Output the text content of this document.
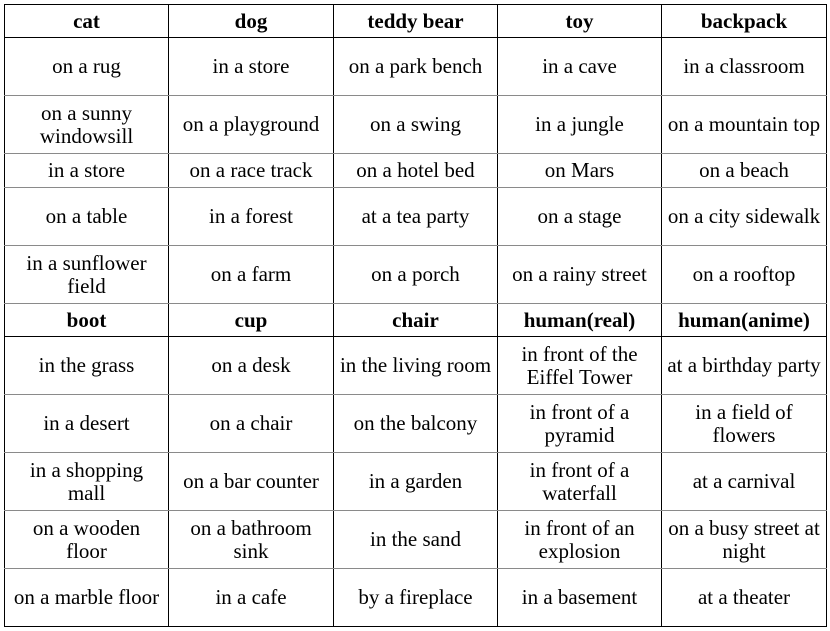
cat	dog	teddy bear	toy	backpack
on a rug	in a store	on a park bench	in a cave	in a classroom
on a sunny windowsill	on a playground	on a swing	in a jungle	on a mountain top
in a store	on a race track	on a hotel bed	on Mars	on a beach
on a table	in a forest	at a tea party	on a stage	on a city sidewalk
in a sunflower field	on a farm	on a porch	on a rainy street	on a rooftop
boot	cup	chair	human(real)	human(anime)
in the grass	on a desk	in the living room	in front of the Eiffel Tower	at a birthday party
in a desert	on a chair	on the balcony	in front of a pyramid	in a field of flowers
in a shopping mall	on a bar counter	in a garden	in front of a waterfall	at a carnival
on a wooden floor	on a bathroom sink	in the sand	in front of an explosion	on a busy street at night
on a marble floor	in a cafe	by a fireplace	in a basement	at a theater
